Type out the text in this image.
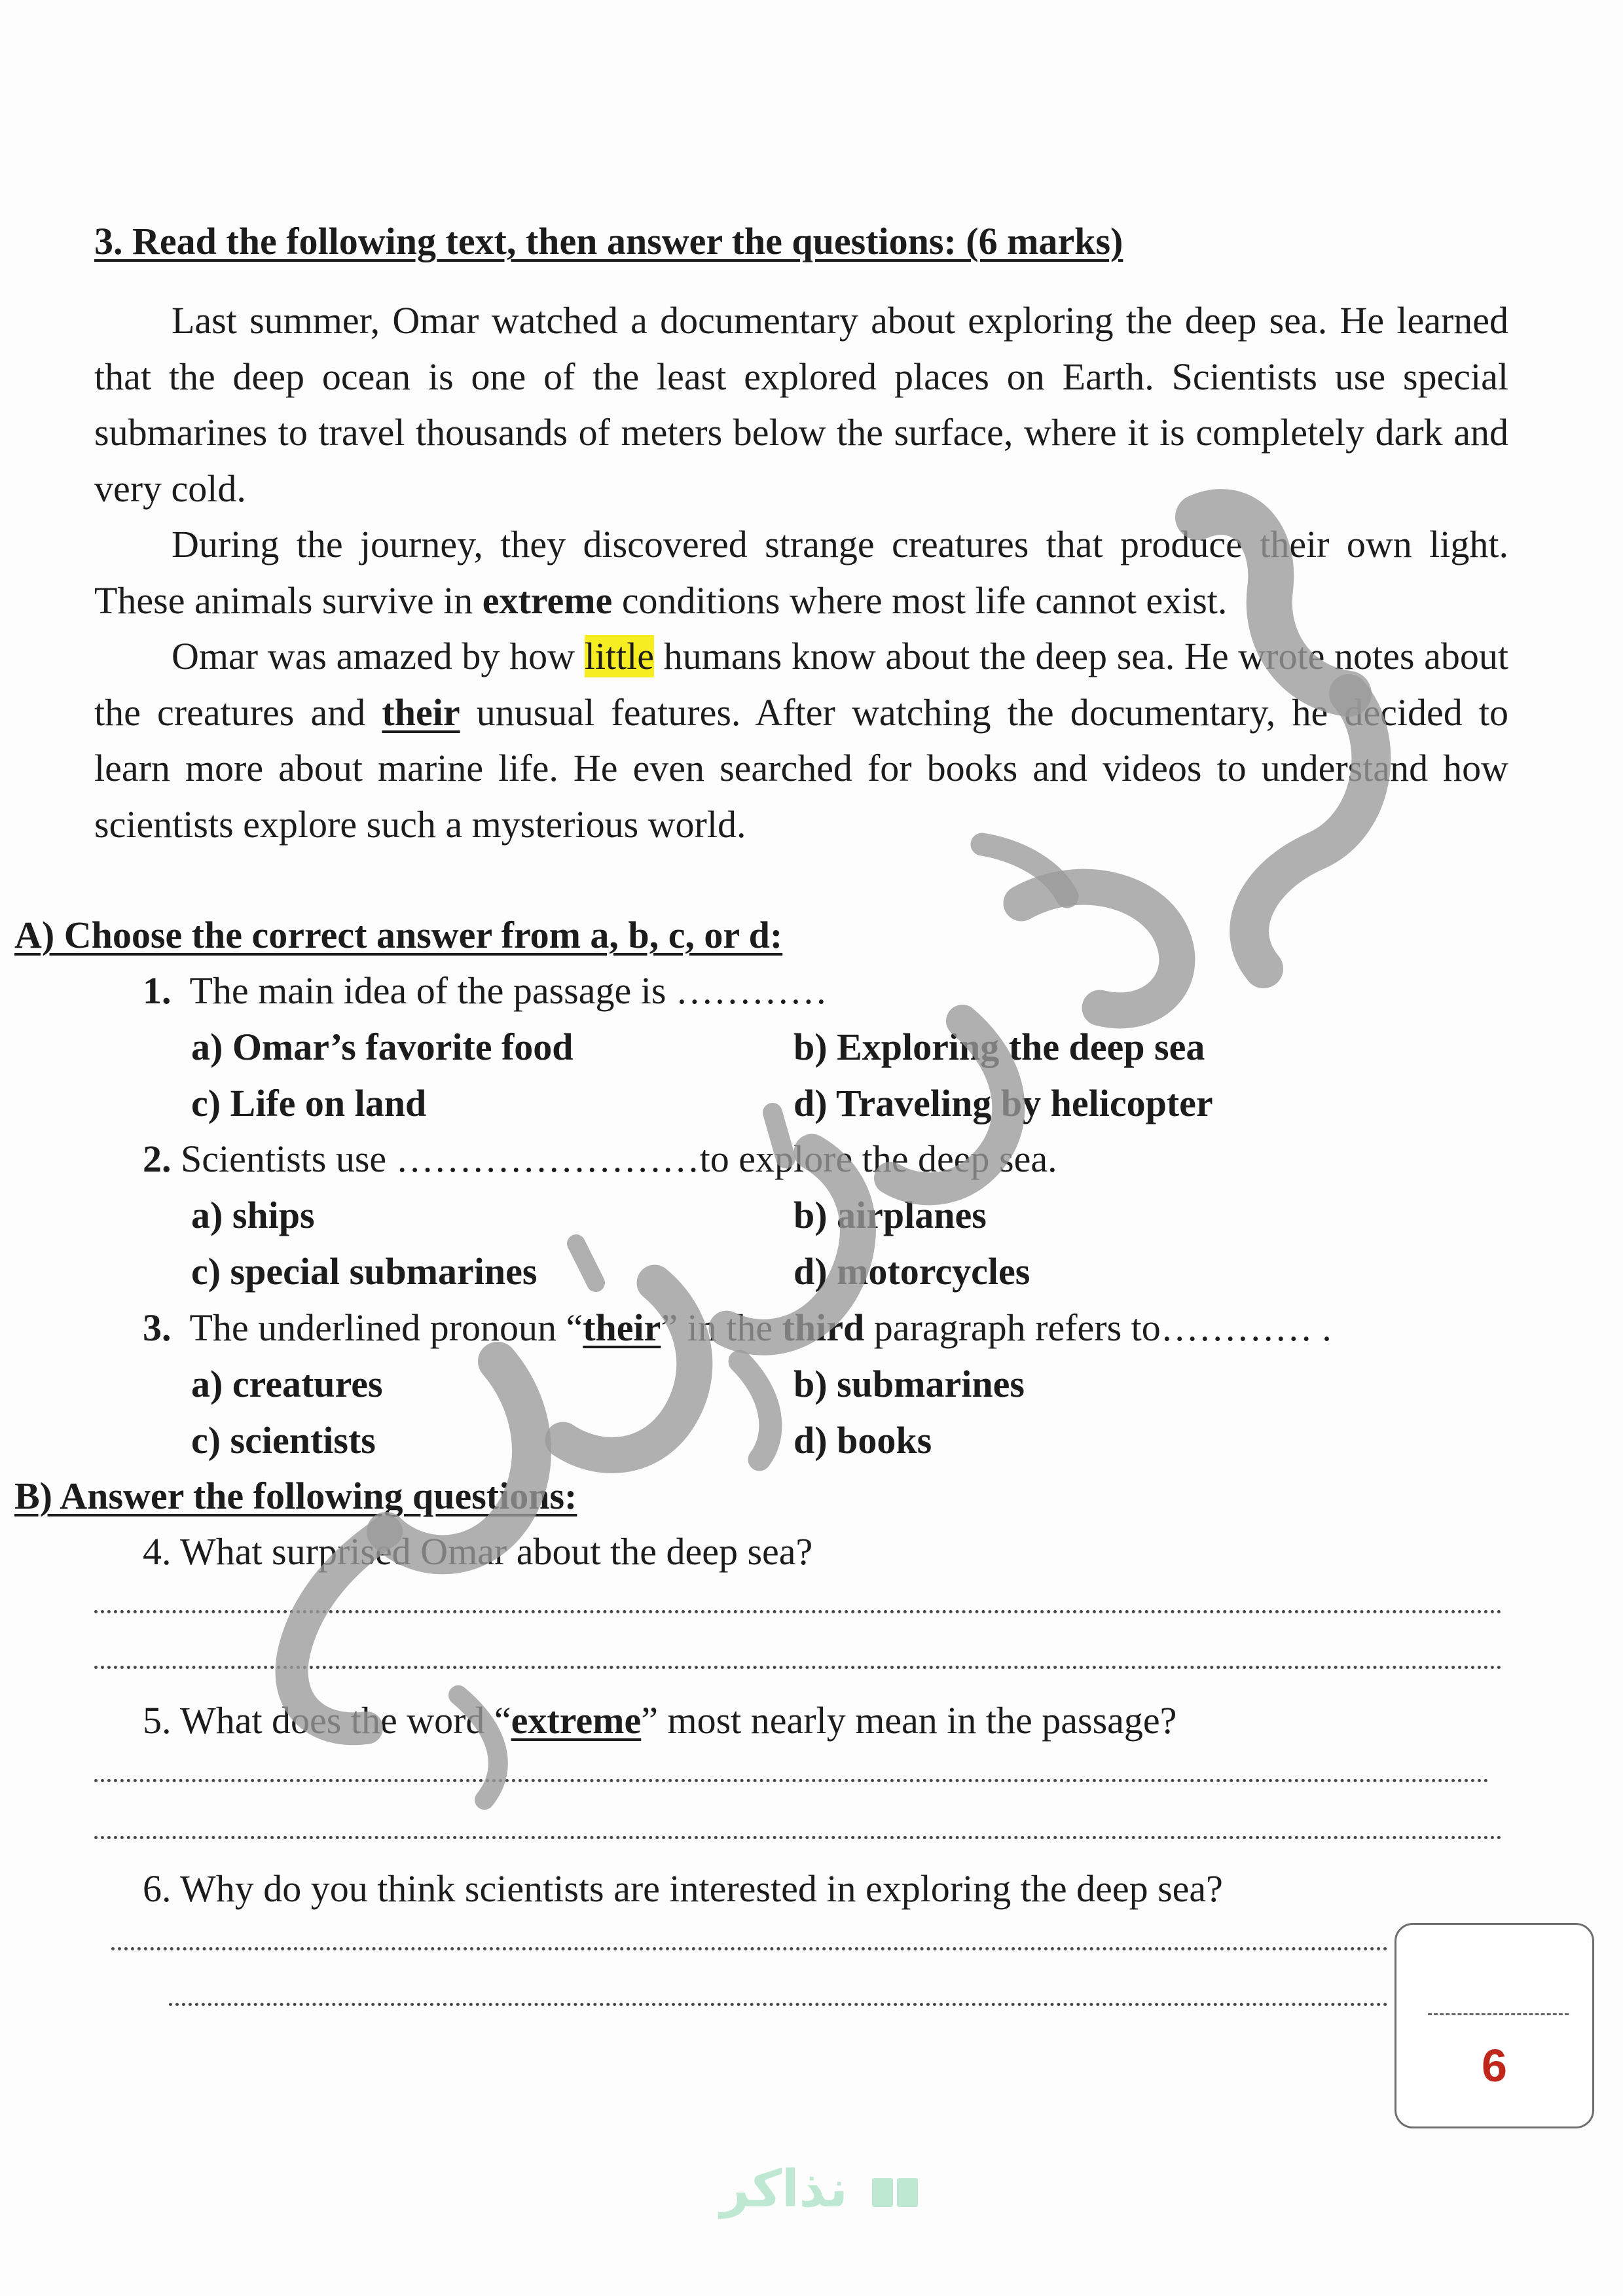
3. Read the following text, then answer the questions: (6 marks)

Last summer, Omar watched a documentary about exploring the deep sea. He learned that the deep ocean is one of the least explored places on Earth. Scientists use special submarines to travel thousands of meters below the surface, where it is completely dark and very cold.

During the journey, they discovered strange creatures that produce their own light. These animals survive in extreme conditions where most life cannot exist.

Omar was amazed by how little humans know about the deep sea. He wrote notes about the creatures and their unusual features. After watching the documentary, he decided to learn more about marine life. He even searched for books and videos to understand how scientists explore such a mysterious world.

A) Choose the correct answer from a, b, c, or d:
1. The main idea of the passage is …………
a) Omar’s favorite food	b) Exploring the deep sea
c) Life on land	d) Traveling by helicopter
2. Scientists use ……………………to explore the deep sea.
a) ships	b) airplanes
c) special submarines	d) motorcycles
3. The underlined pronoun “their” in the third paragraph refers to………… .
a) creatures	b) submarines
c) scientists	d) books
B) Answer the following questions:
4. What surprised Omar about the deep sea?
5. What does the word “extreme” most nearly mean in the passage?
6. Why do you think scientists are interested in exploring the deep sea?
6
نذاكر
